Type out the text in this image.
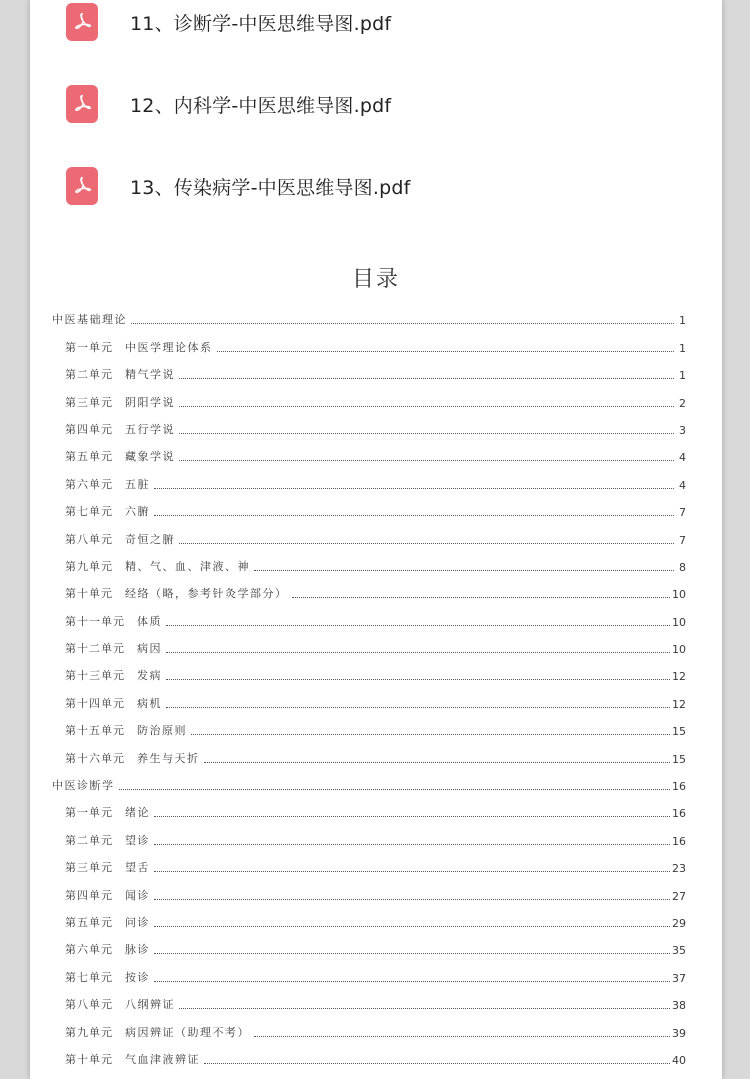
11、诊断学-中医思维导图.pdf
12、内科学-中医思维导图.pdf
13、传染病学-中医思维导图.pdf
目录
中医基础理论	1
第一单元 中医学理论体系	1
第二单元 精气学说	1
第三单元 阴阳学说	2
第四单元 五行学说	3
第五单元 藏象学说	4
第六单元 五脏	4
第七单元 六腑	7
第八单元 奇恒之腑	7
第九单元 精、气、血、津液、神	8
第十单元 经络（略，参考针灸学部分）	10
第十一单元 体质	10
第十二单元 病因	10
第十三单元 发病	12
第十四单元 病机	12
第十五单元 防治原则	15
第十六单元 养生与天折	15
中医诊断学	16
第一单元 绪论	16
第二单元 望诊	16
第三单元 望舌	23
第四单元 闻诊	27
第五单元 问诊	29
第六单元 脉诊	35
第七单元 按诊	37
第八单元 八纲辨证	38
第九单元 病因辨证（助理不考）	39
第十单元 气血津液辨证	40
